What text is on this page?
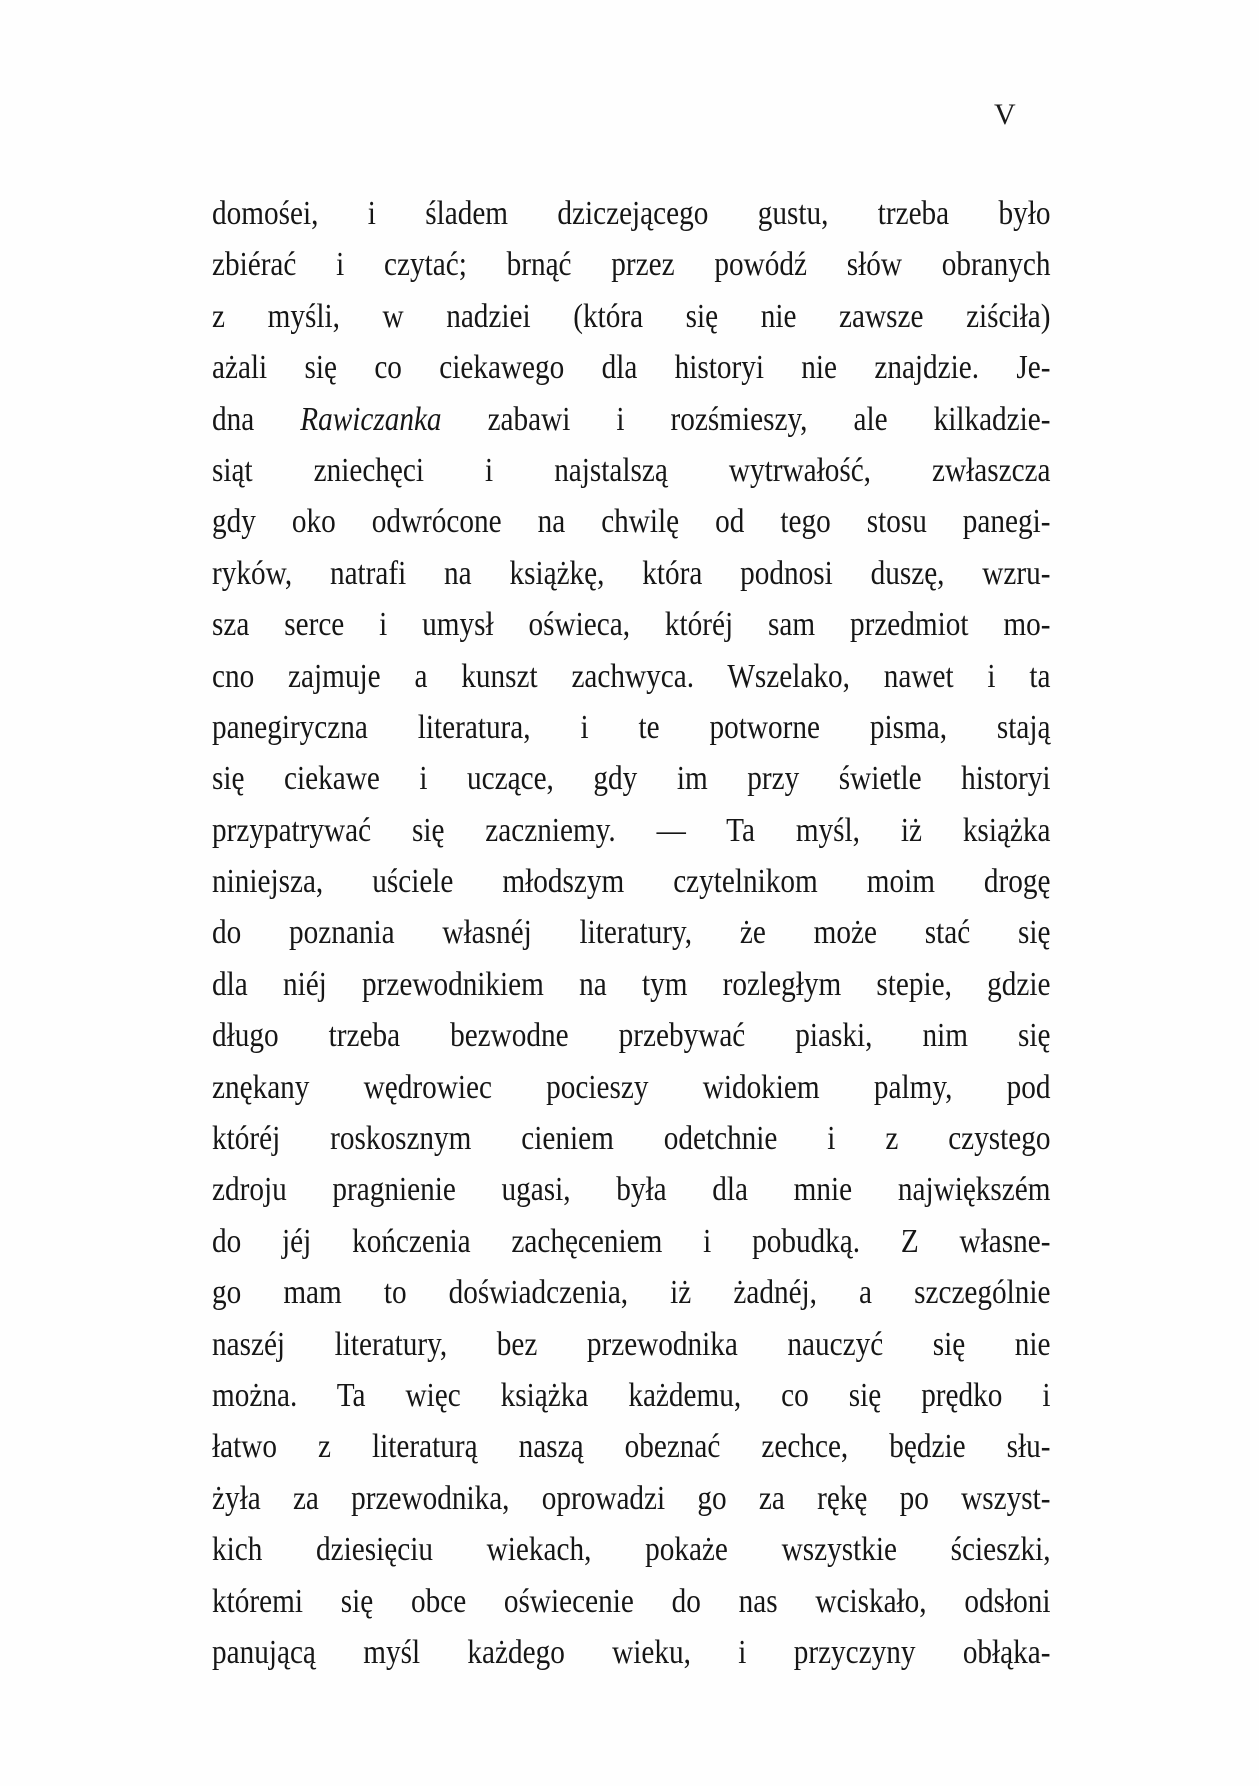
V
domośei, i śladem dziczejącego gustu, trzeba było
zbiérać i czytać; brnąć przez powódź słów obranych
z myśli, w nadziei (która się nie zawsze ziściła)
ażali się co ciekawego dla historyi nie znajdzie. Je-
dna Rawiczanka zabawi i rozśmieszy, ale kilkadzie-
siąt zniechęci i najstalszą wytrwałość, zwłaszcza
gdy oko odwrócone na chwilę od tego stosu panegi-
ryków, natrafi na książkę, która podnosi duszę, wzru-
sza serce i umysł oświeca, któréj sam przedmiot mo-
cno zajmuje a kunszt zachwyca. Wszelako, nawet i ta
panegiryczna literatura, i te potworne pisma, stają
się ciekawe i uczące, gdy im przy świetle historyi
przypatrywać się zaczniemy. — Ta myśl, iż książka
niniejsza, uściele młodszym czytelnikom moim drogę
do poznania własnéj literatury, że może stać się
dla niéj przewodnikiem na tym rozległym stepie, gdzie
długo trzeba bezwodne przebywać piaski, nim się
znękany wędrowiec pocieszy widokiem palmy, pod
któréj roskosznym cieniem odetchnie i z czystego
zdroju pragnienie ugasi, była dla mnie największém
do jéj kończenia zachęceniem i pobudką. Z własne-
go mam to doświadczenia, iż żadnéj, a szczególnie
naszéj literatury, bez przewodnika nauczyć się nie
można. Ta więc książka każdemu, co się prędko i
łatwo z literaturą naszą obeznać zechce, będzie słu-
żyła za przewodnika, oprowadzi go za rękę po wszyst-
kich dziesięciu wiekach, pokaże wszystkie ścieszki,
któremi się obce oświecenie do nas wciskało, odsłoni
panującą myśl każdego wieku, i przyczyny obłąka-
